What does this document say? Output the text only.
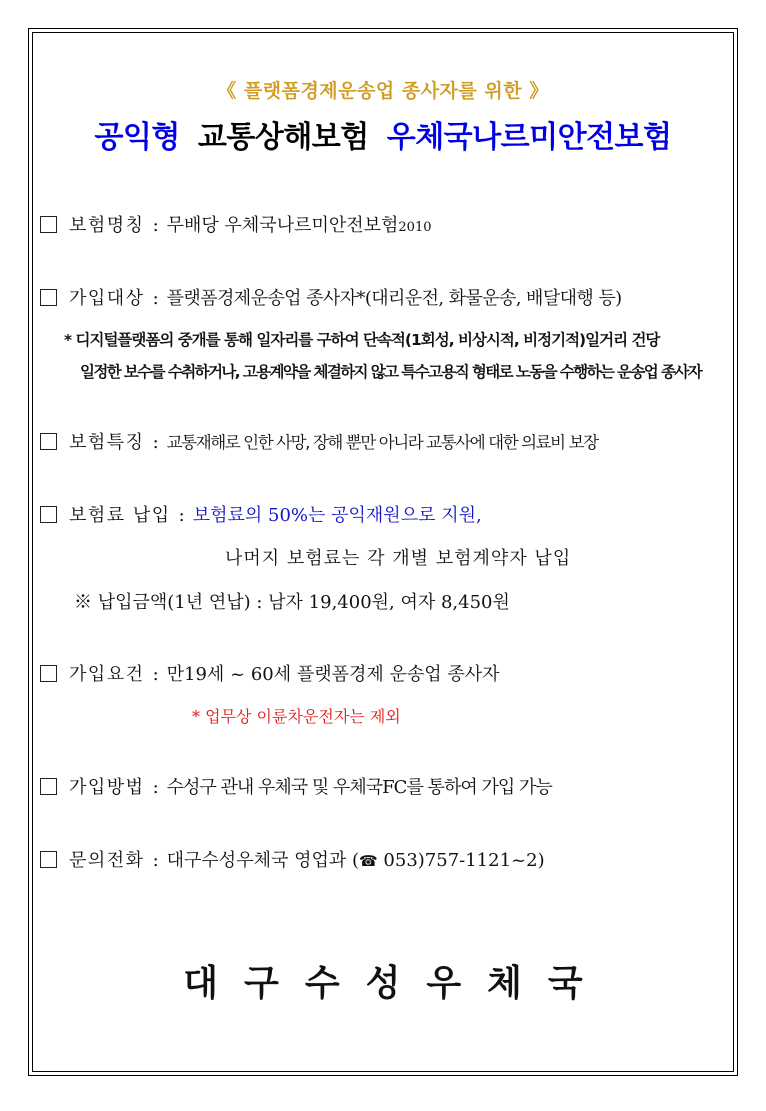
《 플랫폼경제운송업 종사자를 위한 》
공익형 교통상해보험 우체국나르미안전보험
보험명칭 : 무배당 우체국나르미안전보험2010
가입대상 : 플랫폼경제운송업 종사자*(대리운전, 화물운송, 배달대행 등)
* 디지털플랫폼의 중개를 통해 일자리를 구하여 단속적(1회성, 비상시적, 비정기적)일거리 건당
일정한 보수를 수취하거나, 고용계약을 체결하지 않고 특수고용직 형태로 노동을 수행하는 운송업 종사자
보험특징 : 교통재해로 인한 사망, 장해 뿐만 아니라 교통사에 대한 의료비 보장
보험료 납입 : 보험료의 50%는 공익재원으로 지원,
나머지 보험료는 각 개별 보험계약자 납입
※ 납입금액(1년 연납) : 남자 19,400원, 여자 8,450원
가입요건 : 만19세 ~ 60세 플랫폼경제 운송업 종사자
* 업무상 이륜차운전자는 제외
가입방법 : 수성구 관내 우체국 및 우체국FC를 통하여 가입 가능
문의전화 : 대구수성우체국 영업과 (☎ 053)757-1121~2)
대구수성우체국
